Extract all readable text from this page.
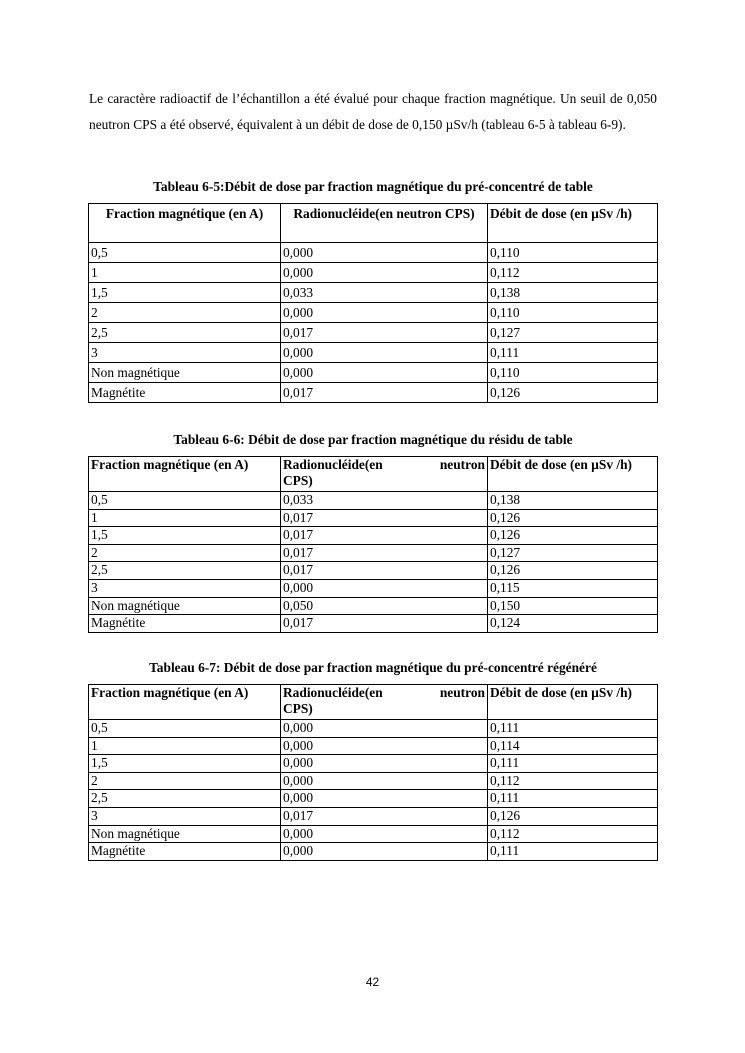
Le caractère radioactif de l’échantillon a été évalué pour chaque fraction magnétique. Un seuil de 0,050 neutron CPS a été observé, équivalent à un débit de dose de 0,150 µSv/h (tableau 6-5 à tableau 6-9).

Tableau 6-5:Débit de dose par fraction magnétique du pré-concentré de table

Fraction magnétique (en A)	Radionucléide(en neutron CPS)	Débit de dose (en µSv /h)
0,5	0,000	0,110
1	0,000	0,112
1,5	0,033	0,138
2	0,000	0,110
2,5	0,017	0,127
3	0,000	0,111
Non magnétique	0,000	0,110
Magnétite	0,017	0,126

Tableau 6-6: Débit de dose par fraction magnétique du résidu de table

Fraction magnétique (en A)	Radionucléide(en neutron
CPS)	Débit de dose (en µSv /h)
0,5	0,033	0,138
1	0,017	0,126
1,5	0,017	0,126
2	0,017	0,127
2,5	0,017	0,126
3	0,000	0,115
Non magnétique	0,050	0,150
Magnétite	0,017	0,124

Tableau 6-7: Débit de dose par fraction magnétique du pré-concentré régénéré

Fraction magnétique (en A)	Radionucléide(en neutron
CPS)	Débit de dose (en µSv /h)
0,5	0,000	0,111
1	0,000	0,114
1,5	0,000	0,111
2	0,000	0,112
2,5	0,000	0,111
3	0,017	0,126
Non magnétique	0,000	0,112
Magnétite	0,000	0,111
42
